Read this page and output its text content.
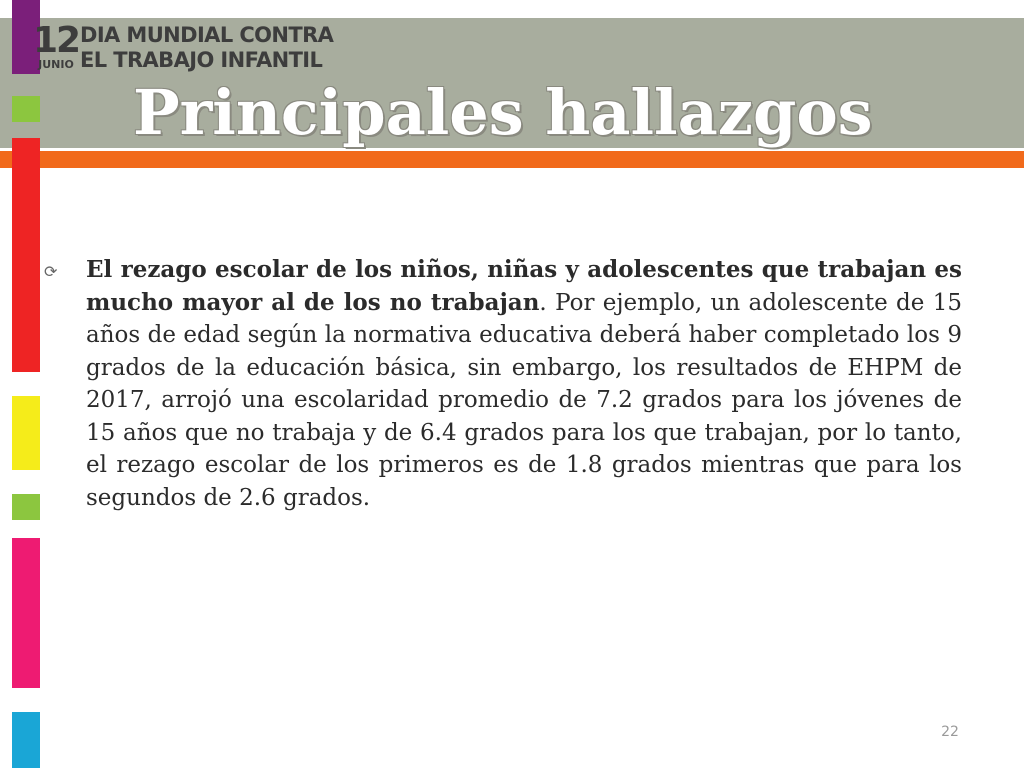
12
JUNIO
DIA MUNDIAL CONTRA
EL TRABAJO INFANTIL
Principales hallazgos
⟳	El rezago escolar de los niños, niñas y adolescentes que trabajan es mucho mayor al de los no trabajan. Por ejemplo, un adolescente de 15 años de edad según la normativa educativa deberá haber completado los 9 grados de la educación básica, sin embargo, los resultados de EHPM de 2017, arrojó una escolaridad promedio de 7.2 grados para los jóvenes de 15 años que no trabaja y de 6.4 grados para los que trabajan, por lo tanto, el rezago escolar de los primeros es de 1.8 grados mientras que para los segundos de 2.6 grados.

22
